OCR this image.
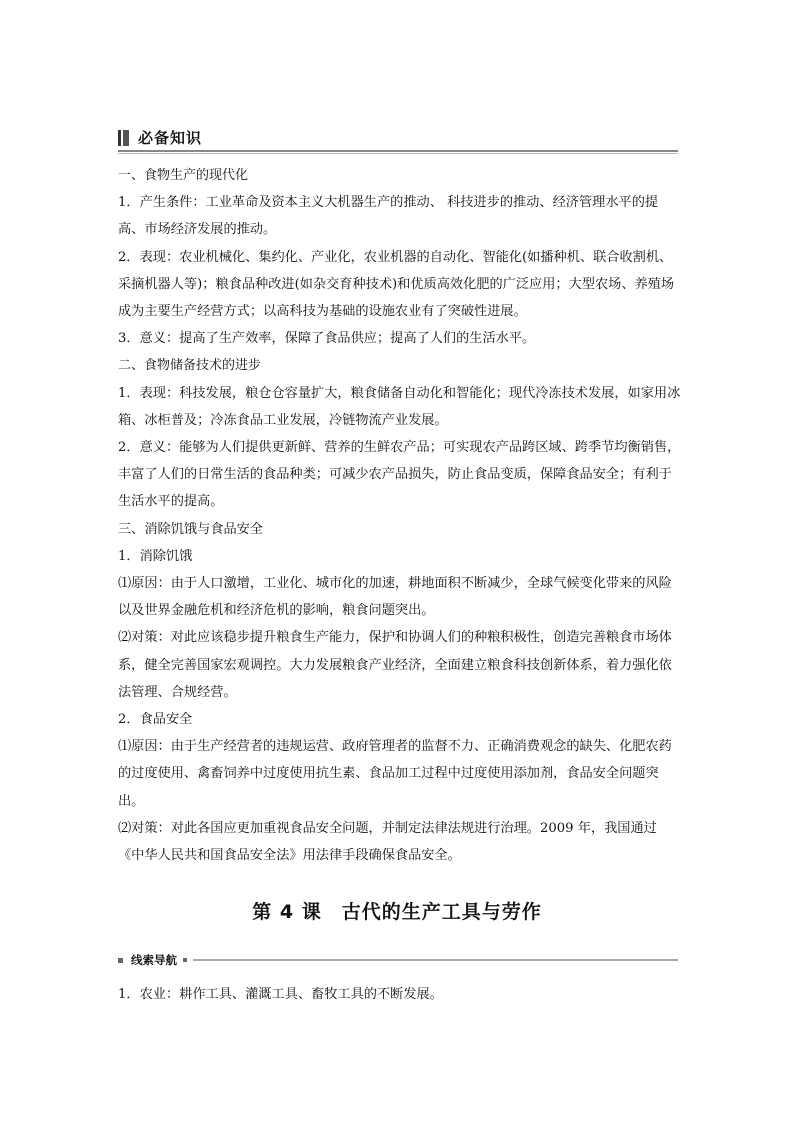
必备知识

一、食物生产的现代化

1．产生条件：工业革命及资本主义大机器生产的推动、 科技进步的推动、经济管理水平的提高、市场经济发展的推动。

2．表现：农业机械化、集约化、产业化，农业机器的自动化、智能化(如播种机、联合收割机、采摘机器人等)；粮食品种改进(如杂交育种技术)和优质高效化肥的广泛应用；大型农场、养殖场成为主要生产经营方式；以高科技为基础的设施农业有了突破性进展。

3．意义：提高了生产效率，保障了食品供应；提高了人们的生活水平。

二、食物储备技术的进步

1．表现：科技发展，粮仓仓容量扩大，粮食储备自动化和智能化；现代冷冻技术发展，如家用冰箱、冰柜普及；冷冻食品工业发展，冷链物流产业发展。

2．意义：能够为人们提供更新鲜、营养的生鲜农产品；可实现农产品跨区域、跨季节均衡销售，丰富了人们的日常生活的食品种类；可减少农产品损失，防止食品变质，保障食品安全；有利于生活水平的提高。

三、消除饥饿与食品安全

1．消除饥饿

⑴原因：由于人口激增，工业化、城市化的加速，耕地面积不断减少，全球气候变化带来的风险以及世界金融危机和经济危机的影响，粮食问题突出。

⑵对策：对此应该稳步提升粮食生产能力，保护和协调人们的种粮积极性，创造完善粮食市场体系，健全完善国家宏观调控。大力发展粮食产业经济，全面建立粮食科技创新体系，着力强化依法管理、合规经营。

2．食品安全

⑴原因：由于生产经营者的违规运营、政府管理者的监督不力、正确消费观念的缺失、化肥农药的过度使用、禽畜饲养中过度使用抗生素、食品加工过程中过度使用添加剂，食品安全问题突出。

⑵对策：对此各国应更加重视食品安全问题，并制定法律法规进行治理。2009 年，我国通过《中华人民共和国食品安全法》用法律手段确保食品安全。

第 4 课　古代的生产工具与劳作
线索导航
1．农业：耕作工具、灌溉工具、畜牧工具的不断发展。
